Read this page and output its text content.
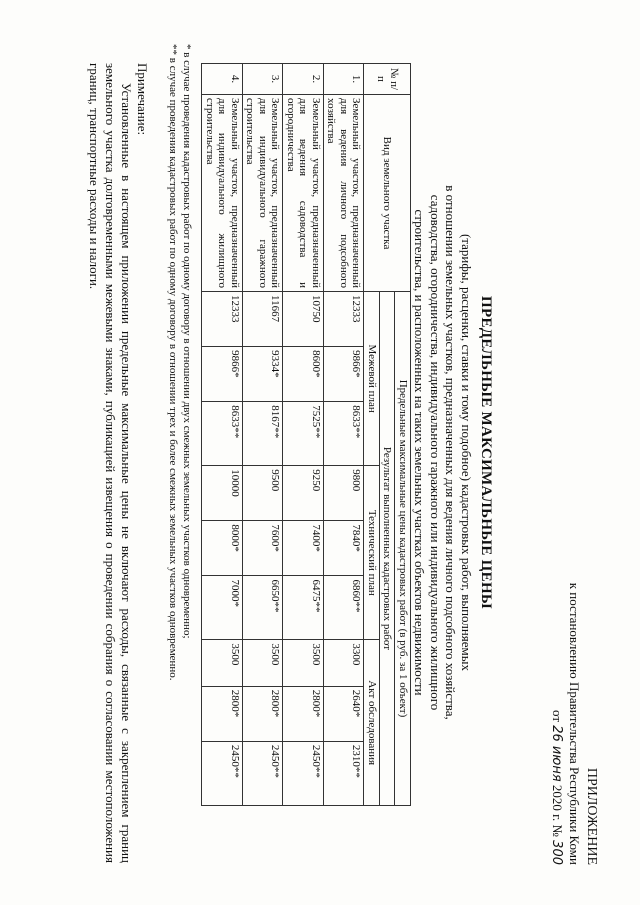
ПРИЛОЖЕНИЕ
к постановлению Правительства Республики Коми
от 26 июня 2020 г. № 300
ПРЕДЕЛЬНЫЕ МАКСИМАЛЬНЫЕ ЦЕНЫ
(тарифы, расценки, ставки и тому подобное) кадастровых работ, выполняемых
в отношении земельных участков, предназначенных для ведения личного подсобного хозяйства,
садоводства, огородничества, индивидуального гаражного или индивидуального жилищного
строительства, и расположенных на таких земельных участках объектов недвижимости
№ п/п	Вид земельного участка	Предельные максимальные цены кадастровых работ (в руб. за 1 объект)								
		Результат выполненных кадастровых работ								
		Межевой план			Технический план			Акт обследования		
1.	Земельный участок, предназначенный для ведения личного подсобного хозяйства	12333	9866*	8633**	9800	7840*	6860**	3300	2640*	2310**
2.	Земельный участок, предназначенный для ведения садоводства и огородничества	10750	8600*	7525**	9250	7400*	6475**	3500	2800*	2450**
3.	Земельный участок, предназначенный для индивидуального гаражного строительства	11667	9334*	8167**	9500	7600*	6650**	3500	2800*	2450**
4.	Земельный участок, предназначенный для индивидуального жилищного строительства	12333	9866*	8633**	10000	8000*	7000*	3500	2800*	2450**
* в случае проведения кадастровых работ по одному договору в отношении двух смежных земельных участков одновременно;
** в случае проведения кадастровых работ по одному договору в отношении трех и более смежных земельных участков одновременно.
Примечание:

Установленные в настоящем приложении предельные максимальные цены не включают расходы, связанные с закреплением границ земельного участка долговременными межевыми знаками, публикацией извещения о проведении собрания о согласовании местоположения границ, транспортные расходы и налоги.
